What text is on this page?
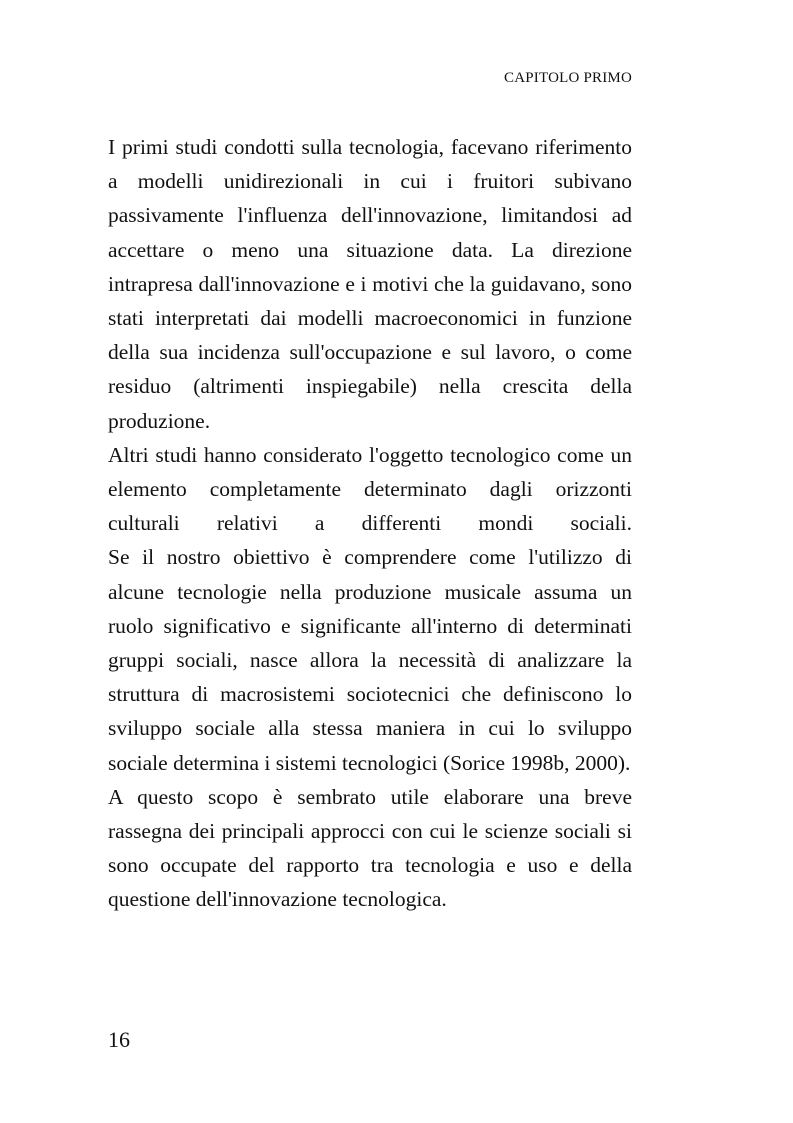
CAPITOLO PRIMO

I primi studi condotti sulla tecnologia, facevano riferimento a modelli unidirezionali in cui i fruitori subivano passivamente l'influenza dell'innovazione, limitandosi ad accettare o meno una situazione data. La direzione intrapresa dall'innovazione e i motivi che la guidavano, sono stati interpretati dai modelli macroeconomici in funzione della sua incidenza sull'occupazione e sul lavoro, o come residuo (altrimenti inspiegabile) nella crescita della produzione.

Altri studi hanno considerato l'oggetto tecnologico come un elemento completamente determinato dagli orizzonti culturali relativi a differenti mondi sociali.

Se il nostro obiettivo è comprendere come l'utilizzo di alcune tecnologie nella produzione musicale assuma un ruolo significativo e significante all'interno di determinati gruppi sociali, nasce allora la necessità di analizzare la struttura di macrosistemi sociotecnici che definiscono lo sviluppo sociale alla stessa maniera in cui lo sviluppo sociale determina i sistemi tecnologici (Sorice 1998b, 2000).

A questo scopo è sembrato utile elaborare una breve rassegna dei principali approcci con cui le scienze sociali si sono occupate del rapporto tra tecnologia e uso e della questione dell'innovazione tecnologica.

16
